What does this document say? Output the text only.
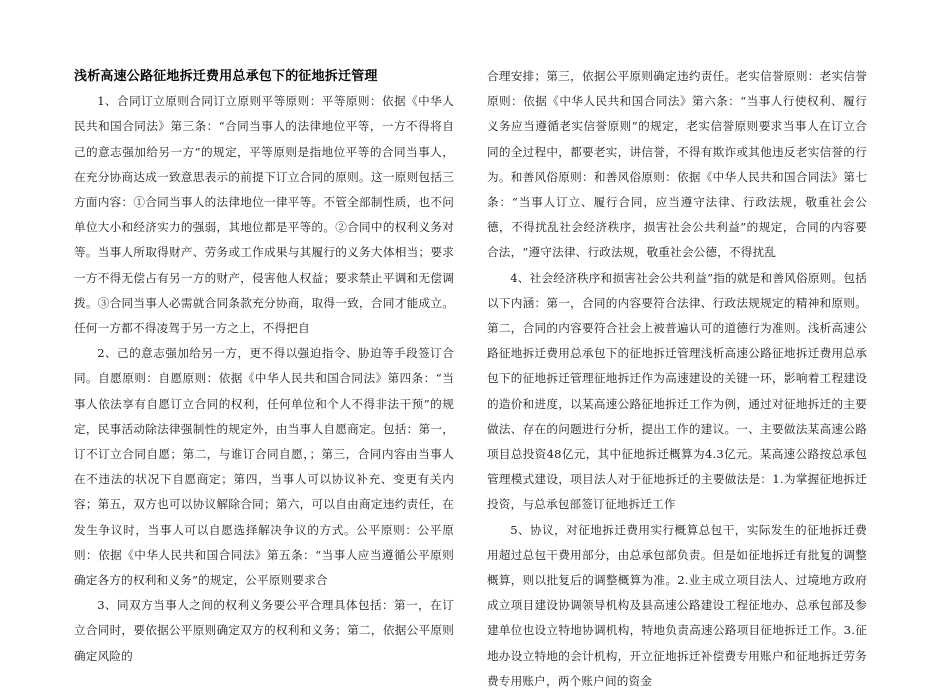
浅析高速公路征地拆迁费用总承包下的征地拆迁管理

1、合同订立原则合同订立原则平等原则：平等原则：依据《中华人民共和国合同法》第三条：“合同当事人的法律地位平等，一方不得将自己的意志强加给另一方”的规定，平等原则是指地位平等的合同当事人，在充分协商达成一致意思表示的前提下订立合同的原则。这一原则包括三方面内容：①合同当事人的法律地位一律平等。不管全部制性质，也不问单位大小和经济实力的强弱，其地位都是平等的。②合同中的权利义务对等。当事人所取得财产、劳务或工作成果与其履行的义务大体相当；要求一方不得无偿占有另一方的财产，侵害他人权益；要求禁止平调和无偿调拨。③合同当事人必需就合同条款充分协商，取得一致，合同才能成立。任何一方都不得凌驾于另一方之上，不得把自

2、己的意志强加给另一方，更不得以强迫指令、胁迫等手段签订合同。自愿原则：自愿原则：依据《中华人民共和国合同法》第四条：“当事人依法享有自愿订立合同的权利，任何单位和个人不得非法干预”的规定，民事活动除法律强制性的规定外，由当事人自愿商定。包括：第一，订不订立合同自愿；第二，与谁订合同自愿，；第三，合同内容由当事人在不违法的状况下自愿商定；第四，当事人可以协议补充、变更有关内容；第五，双方也可以协议解除合同；第六，可以自由商定违约责任，在发生争议时，当事人可以自愿选择解决争议的方式。公平原则：公平原则：依据《中华人民共和国合同法》第五条：“当事人应当遵循公平原则确定各方的权利和义务”的规定，公平原则要求合

3、同双方当事人之间的权利义务要公平合理具体包括：第一，在订立合同时，要依据公平原则确定双方的权利和义务；第二，依据公平原则确定风险的

合理安排；第三，依据公平原则确定违约责任。老实信誉原则：老实信誉原则：依据《中华人民共和国合同法》第六条：“当事人行使权利、履行义务应当遵循老实信誉原则”的规定，老实信誉原则要求当事人在订立合同的全过程中，都要老实，讲信誉，不得有欺诈或其他违反老实信誉的行为。和善风俗原则：和善风俗原则：依据《中华人民共和国合同法》第七条：“当事人订立、履行合同，应当遵守法律、行政法规，敬重社会公德，不得扰乱社会经济秩序，损害社会公共利益”的规定，合同的内容要合法，“遵守法律、行政法规，敬重社会公德，不得扰乱

4、社会经济秩序和损害社会公共利益”指的就是和善风俗原则。包括以下内涵：第一，合同的内容要符合法律、行政法规规定的精神和原则。第二，合同的内容要符合社会上被普遍认可的道德行为准则。浅析高速公路征地拆迁费用总承包下的征地拆迁管理浅析高速公路征地拆迁费用总承包下的征地拆迁管理征地拆迁作为高速建设的关键一环，影响着工程建设的造价和进度，以某高速公路征地拆迁工作为例，通过对征地拆迁的主要做法、存在的问题进行分析，提出工作的建议。一、主要做法某高速公路项目总投资48亿元，其中征地拆迁概算为4.3亿元。某高速公路按总承包管理模式建设，项目法人对于征地拆迁的主要做法是：1.为掌握征地拆迁投资，与总承包部签订征地拆迁工作

5、协议，对征地拆迁费用实行概算总包干，实际发生的征地拆迁费用超过总包干费用部分，由总承包部负责。但是如征地拆迁有批复的调整概算，则以批复后的调整概算为准。2.业主成立项目法人、过境地方政府成立项目建设协调领导机构及县高速公路建设工程征地办、总承包部及参建单位也设立特地协调机构，特地负责高速公路项目征地拆迁工作。3.征地办设立特地的会计机构，开立征地拆迁补偿费专用账户和征地拆迁劳务费专用账户，两个账户间的资金
